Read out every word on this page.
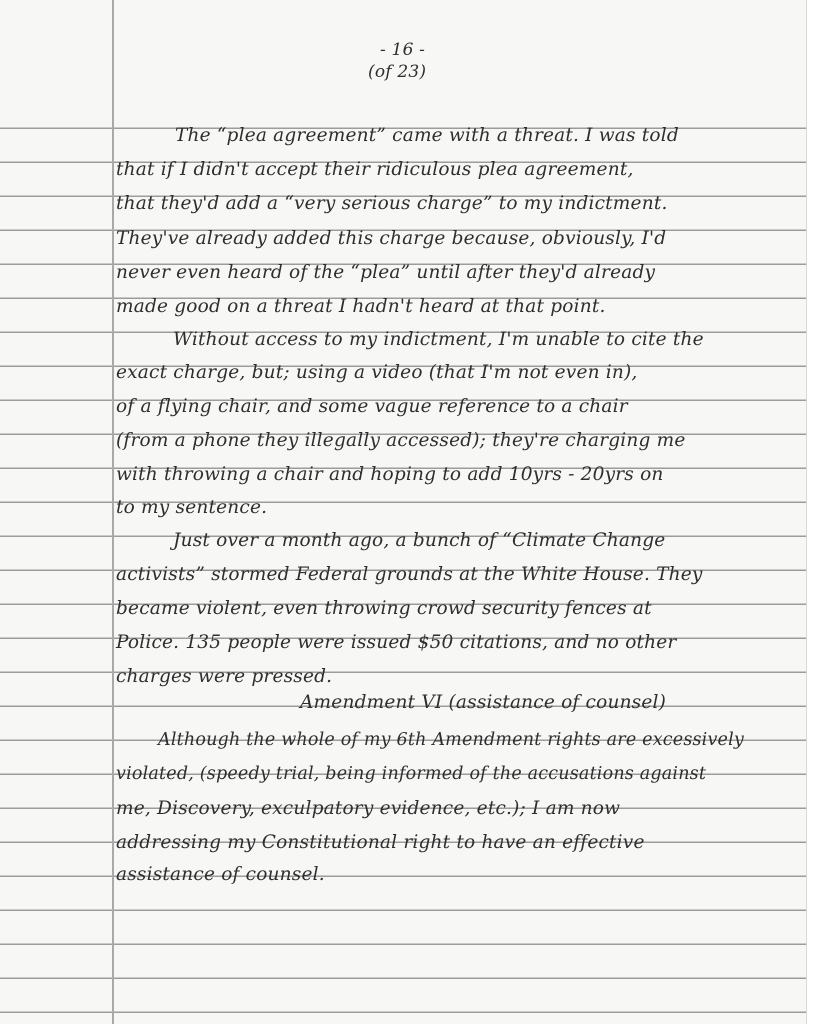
- 16 -
(of 23)
The “plea agreement” came with a threat. I was told
that if I didn't accept their ridiculous plea agreement,
that they'd add a “very serious charge” to my indictment.
They've already added this charge because, obviously, I'd
never even heard of the “plea” until after they'd already
made good on a threat I hadn't heard at that point.
Without access to my indictment, I'm unable to cite the
exact charge, but; using a video (that I'm not even in),
of a flying chair, and some vague reference to a chair
(from a phone they illegally accessed); they're charging me
with throwing a chair and hoping to add 10yrs - 20yrs on
to my sentence.
Just over a month ago, a bunch of “Climate Change
activists” stormed Federal grounds at the White House. They
became violent, even throwing crowd security fences at
Police. 135 people were issued $50 citations, and no other
charges were pressed.
Amendment VI (assistance of counsel)
Although the whole of my 6th Amendment rights are excessively
violated, (speedy trial, being informed of the accusations against
me, Discovery, exculpatory evidence, etc.); I am now
addressing my Constitutional right to have an effective
assistance of counsel.
